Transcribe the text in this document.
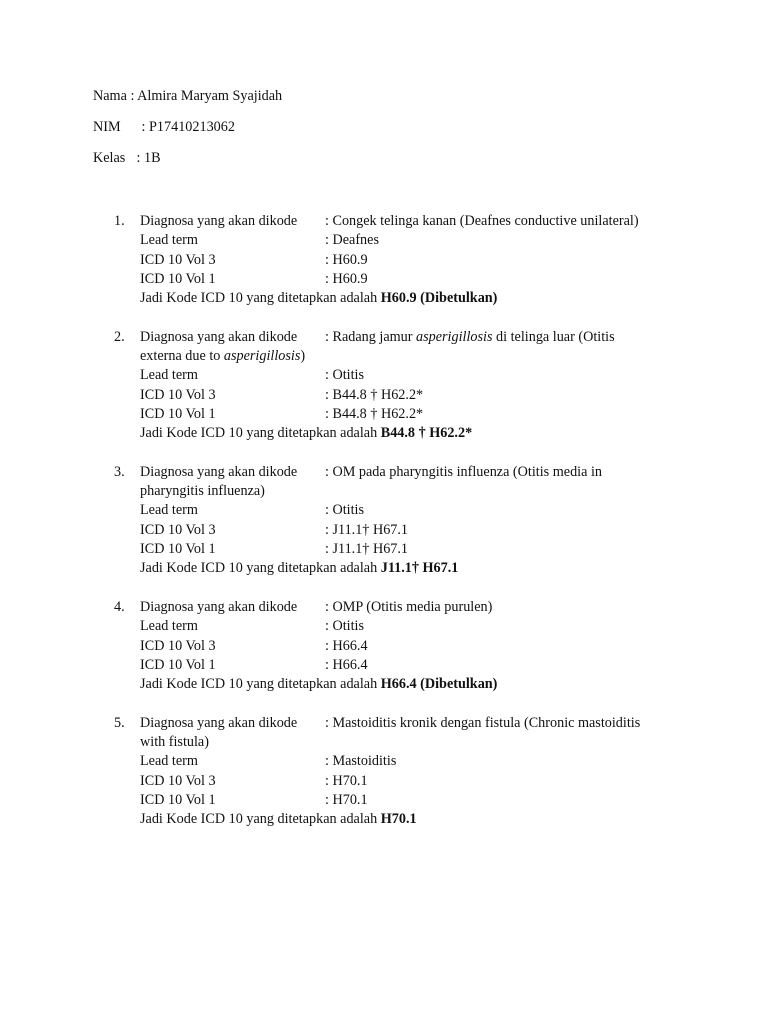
Nama : Almira Maryam Syajidah
NIM : P17410213062
Kelas : 1B
1. Diagnosa yang akan dikode	: Congek telinga kanan (Deafnes conductive unilateral)
Lead term	: Deafnes
ICD 10 Vol 3	: H60.9
ICD 10 Vol 1	: H60.9
Jadi Kode ICD 10 yang ditetapkan adalah H60.9 (Dibetulkan)
2. Diagnosa yang akan dikode	: Radang jamur asperigillosis di telinga luar (Otitis
externa due to asperigillosis)
Lead term	: Otitis
ICD 10 Vol 3	: B44.8 † H62.2*
ICD 10 Vol 1	: B44.8 † H62.2*
Jadi Kode ICD 10 yang ditetapkan adalah B44.8 † H62.2*
3. Diagnosa yang akan dikode	: OM pada pharyngitis influenza (Otitis media in
pharyngitis influenza)
Lead term	: Otitis
ICD 10 Vol 3	: J11.1† H67.1
ICD 10 Vol 1	: J11.1† H67.1
Jadi Kode ICD 10 yang ditetapkan adalah J11.1† H67.1
4. Diagnosa yang akan dikode	: OMP (Otitis media purulen)
Lead term	: Otitis
ICD 10 Vol 3	: H66.4
ICD 10 Vol 1	: H66.4
Jadi Kode ICD 10 yang ditetapkan adalah H66.4 (Dibetulkan)
5. Diagnosa yang akan dikode	: Mastoiditis kronik dengan fistula (Chronic mastoiditis
with fistula)
Lead term	: Mastoiditis
ICD 10 Vol 3	: H70.1
ICD 10 Vol 1	: H70.1
Jadi Kode ICD 10 yang ditetapkan adalah H70.1
